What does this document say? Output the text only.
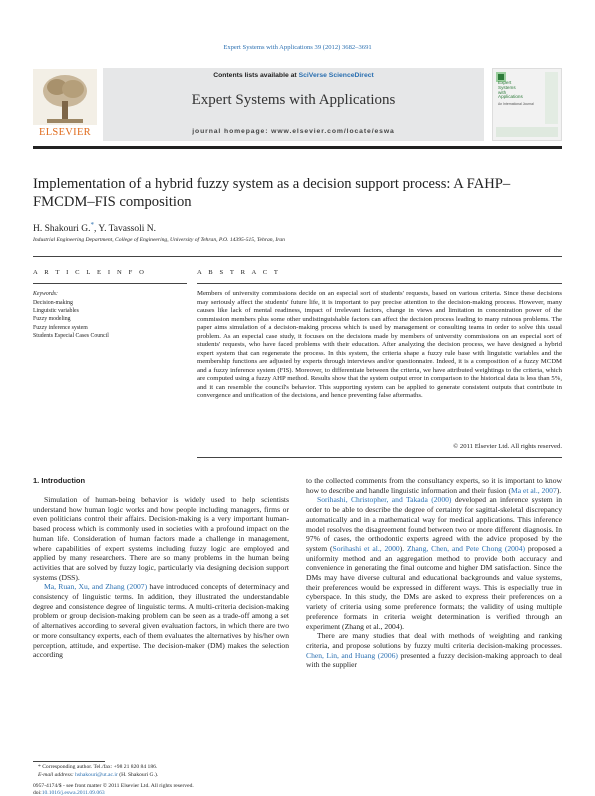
Expert Systems with Applications 39 (2012) 3682–3691
ELSEVIER
Contents lists available at SciVerse ScienceDirect
Expert Systems with Applications
journal homepage: www.elsevier.com/locate/eswa
Expert
Systems
with
Applications
An International Journal
Implementation of a hybrid fuzzy system as a decision support process: A FAHP–FMCDM–FIS composition
H. Shakouri G.*, Y. Tavassoli N.
Industrial Engineering Department, College of Engineering, University of Tehran, P.O. 14395-515, Tehran, Iran
A R T I C L E I N F O	A B S T R A C T
Keywords:
Decision-making
Linguistic variables
Fuzzy modeling
Fuzzy inference system
Students Especial Cases Council
Members of university commissions decide on an especial sort of students' requests, based on various criteria. Since these decisions may seriously affect the students' future life, it is important to pay precise attention to the decision-making process. However, many causes like lack of mental readiness, impact of irrelevant factors, change in views and limitation in concentration power of the commission members plus some other undistinguishable factors can affect the decision process leading to many ruinous problems. The paper aims simulation of a decision-making process which is used by management or consulting teams in order to solve this usual problem. As an especial case study, it focuses on the decisions made by members of university commissions on an especial sort of students' requests, who have faced problems with their education. After analyzing the decision process, we have designed a hybrid expert system that can regenerate the process. In this system, the criteria shape a fuzzy rule base with linguistic variables and the membership functions are adjusted by experts through interviews and/or questionnaire. Indeed, it is a composition of a fuzzy MCDM and a fuzzy inference system (FIS). Moreover, to differentiate between the criteria, we have attributed weightings to the criteria, which are computed using a fuzzy AHP method. Results show that the system output error in comparison to the historical data is less than 5%, and it can resemble the council's behavior. This supporting system can be applied to generate consistent outputs that contribute in convergence and unification of the decisions, and hence preventing false aftermaths.
© 2011 Elsevier Ltd. All rights reserved.
1. Introduction

Simulation of human-being behavior is widely used to help scientists understand how human logic works and how people including managers, firms or even politicians control their affairs. Decision-making is a very important human-based process which is commonly used in societies with a profound impact on the human life. Consideration of human factors made a challenge in management, where capabilities of expert systems including fuzzy logic are employed and applied by many researchers. There are so many problems in the human being activities that are solved by fuzzy logic, particularly via designing decision support systems (DSS).

Ma, Ruan, Xu, and Zhang (2007) have introduced concepts of determinacy and consistency of linguistic terms. In addition, they illustrated the understandable degree and consistence degree of linguistic terms. A multi-criteria decision-making problem or group decision-making problem can be seen as a trade-off among a set of alternatives according to several given evaluation factors, in which there are two or more consultancy experts, each of them evaluates the alternatives by his/her own perception, attitude, and expertise. The decision-maker (DM) makes the selection according

to the collected comments from the consultancy experts, so it is important to know how to describe and handle linguistic information and their fusion (Ma et al., 2007).

Sorihashi, Christopher, and Takada (2000) developed an inference system in order to be able to describe the degree of certainty for sagittal-skeletal discrepancy automatically and in a mathematical way for medical applications. This inference model resolves the disagreement found between two or more different diagnosis. In 97% of cases, the orthodontic experts agreed with the advice proposed by the system (Sorihashi et al., 2000). Zhang, Chen, and Pete Chong (2004) proposed a uniformity method and an aggregation method to provide both accuracy and convenience in generating the final outcome and higher DM satisfaction. Since the DMs may have diverse cultural and educational backgrounds and value systems, their preferences would be expressed in different ways. This is especially true in cyberspace. In this study, the DMs are asked to express their preferences on a variety of criteria using some preference formats; the validity of using multiple preference formats in criteria weight determination is verified through an experiment (Zhang et al., 2004).

There are many studies that deal with methods of weighting and ranking criteria, and propose solutions by fuzzy multi criteria decision-making processes. Chen, Lin, and Huang (2006) presented a fuzzy decision-making approach to deal with the supplier

* Corresponding author. Tel./fax: +98 21 820 84 186.
E-mail address: hshakouri@ut.ac.ir (H. Shakouri G.).
0957-4174/$ - see front matter © 2011 Elsevier Ltd. All rights reserved.
doi:10.1016/j.eswa.2011.09.063
